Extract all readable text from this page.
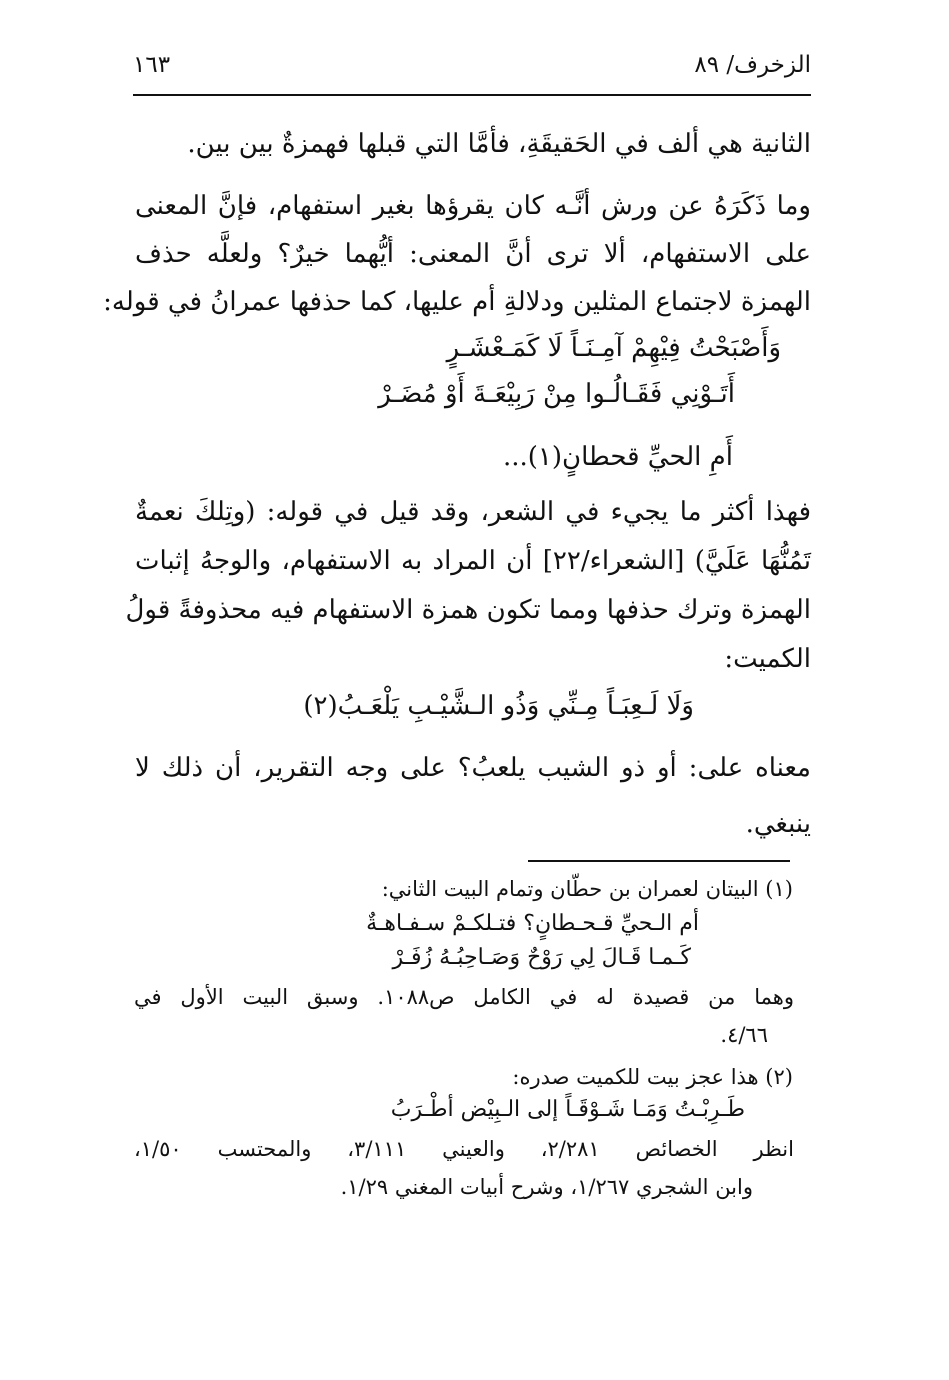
الزخرف/ ٨٩
١٦٣
الثانية هي ألف في الحَقيقَةِ، فأمَّا التي قبلها فهمزةٌ بين بين.
وما ذَكَرَهُ عن ورش أنَّـه كان يقرؤها بغير استفهام، فإنَّ المعنى
على الاستفهام، ألا ترى أنَّ المعنى: أيُّهما خيرٌ؟ ولعلَّه حذف
الهمزة لاجتماع المثلين ودلالةِ أم عليها، كما حذفها عمرانُ في قوله:
وَأَصْبَحْتُ فِيْهِمْ آمِـنَـاً لَا كَمَـعْشَـرٍ
أَتَـوْنِي فَقَـالُـوا مِنْ رَبِيْعَـةَ أَوْ مُضَـرْ
أَمِ الحيِّ قحطانٍ(١)...
فهذا أكثر ما يجيء في الشعر، وقد قيل في قوله: (وتِلكَ نعمةٌ
تَمُنُّهَا عَلَيَّ) [الشعراء/٢٢] أن المراد به الاستفهام، والوجهُ إثبات
الهمزة وترك حذفها ومما تكون همزة الاستفهام فيه محذوفةً قولُ
الكميت:
وَلَا لَـعِبَـاً مِـنِّي وَذُو الـشَّيْـبِ يَلْعَـبُ(٢)
معناه على: أو ذو الشيب يلعبُ؟ على وجه التقرير، أن ذلك لا
ينبغي.
(١) البيتان لعمران بن حطّان وتمام البيت الثاني:
أم الـحيِّ قـحـطانٍ؟ فتـلكـمْ سـفـاهـةٌ
كَـمـا قَـالَ لِي رَوْحٌ وَصَـاحِبُـهُ زُفَـرْ
وهما من قصيدة له في الكامل ص١٠٨٨. وسبق البيت الأول في
٤/٦٦.
(٢) هذا عجز بيت للكميت صدره:
طَـرِبْـتُ وَمَـا شَـوْقَـاً إلى الـبِيْض أطْـرَبُ
انظر الخصائص ٢/٢٨١، والعيني ٣/١١١، والمحتسب ١/٥٠،
وابن الشجري ١/٢٦٧، وشرح أبيات المغني ١/٢٩.
